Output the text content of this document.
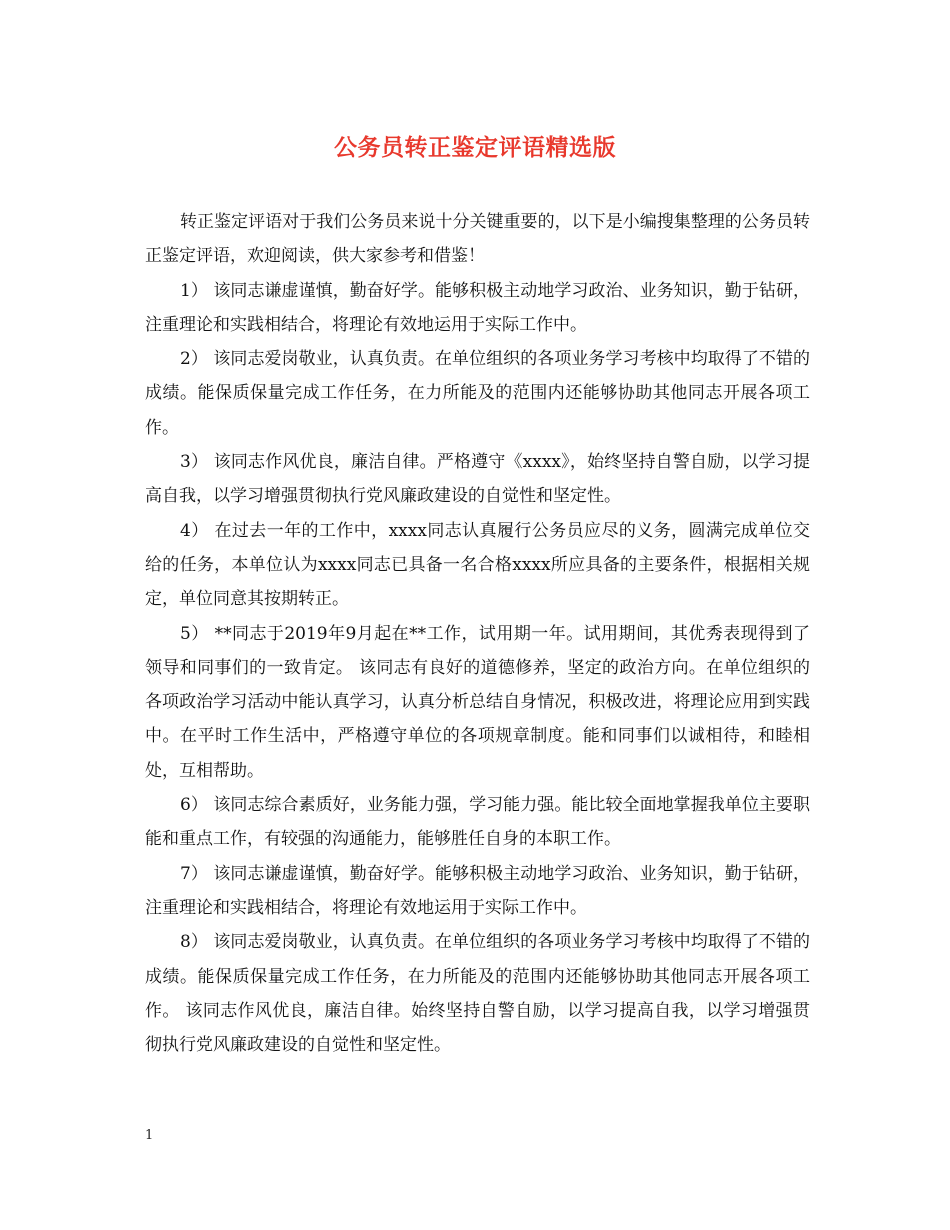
公务员转正鉴定评语精选版

转正鉴定评语对于我们公务员来说十分关键重要的，以下是小编搜集整理的公务员转正鉴定评语，欢迎阅读，供大家参考和借鉴！

1） 该同志谦虚谨慎，勤奋好学。能够积极主动地学习政治、业务知识，勤于钻研，注重理论和实践相结合，将理论有效地运用于实际工作中。

2） 该同志爱岗敬业，认真负责。在单位组织的各项业务学习考核中均取得了不错的成绩。能保质保量完成工作任务，在力所能及的范围内还能够协助其他同志开展各项工作。

3） 该同志作风优良，廉洁自律。严格遵守《xxxx》，始终坚持自警自励，以学习提高自我，以学习增强贯彻执行党风廉政建设的自觉性和坚定性。

4） 在过去一年的工作中，xxxx同志认真履行公务员应尽的义务，圆满完成单位交给的任务，本单位认为xxxx同志已具备一名合格xxxx所应具备的主要条件，根据相关规定，单位同意其按期转正。

5） **同志于2019年9月起在**工作，试用期一年。试用期间，其优秀表现得到了领导和同事们的一致肯定。 该同志有良好的道德修养，坚定的政治方向。在单位组织的各项政治学习活动中能认真学习，认真分析总结自身情况，积极改进，将理论应用到实践中。在平时工作生活中，严格遵守单位的各项规章制度。能和同事们以诚相待，和睦相处，互相帮助。

6） 该同志综合素质好，业务能力强，学习能力强。能比较全面地掌握我单位主要职能和重点工作，有较强的沟通能力，能够胜任自身的本职工作。

7） 该同志谦虚谨慎，勤奋好学。能够积极主动地学习政治、业务知识，勤于钻研，注重理论和实践相结合，将理论有效地运用于实际工作中。

8） 该同志爱岗敬业，认真负责。在单位组织的各项业务学习考核中均取得了不错的成绩。能保质保量完成工作任务，在力所能及的范围内还能够协助其他同志开展各项工作。 该同志作风优良，廉洁自律。始终坚持自警自励，以学习提高自我，以学习增强贯彻执行党风廉政建设的自觉性和坚定性。

1
